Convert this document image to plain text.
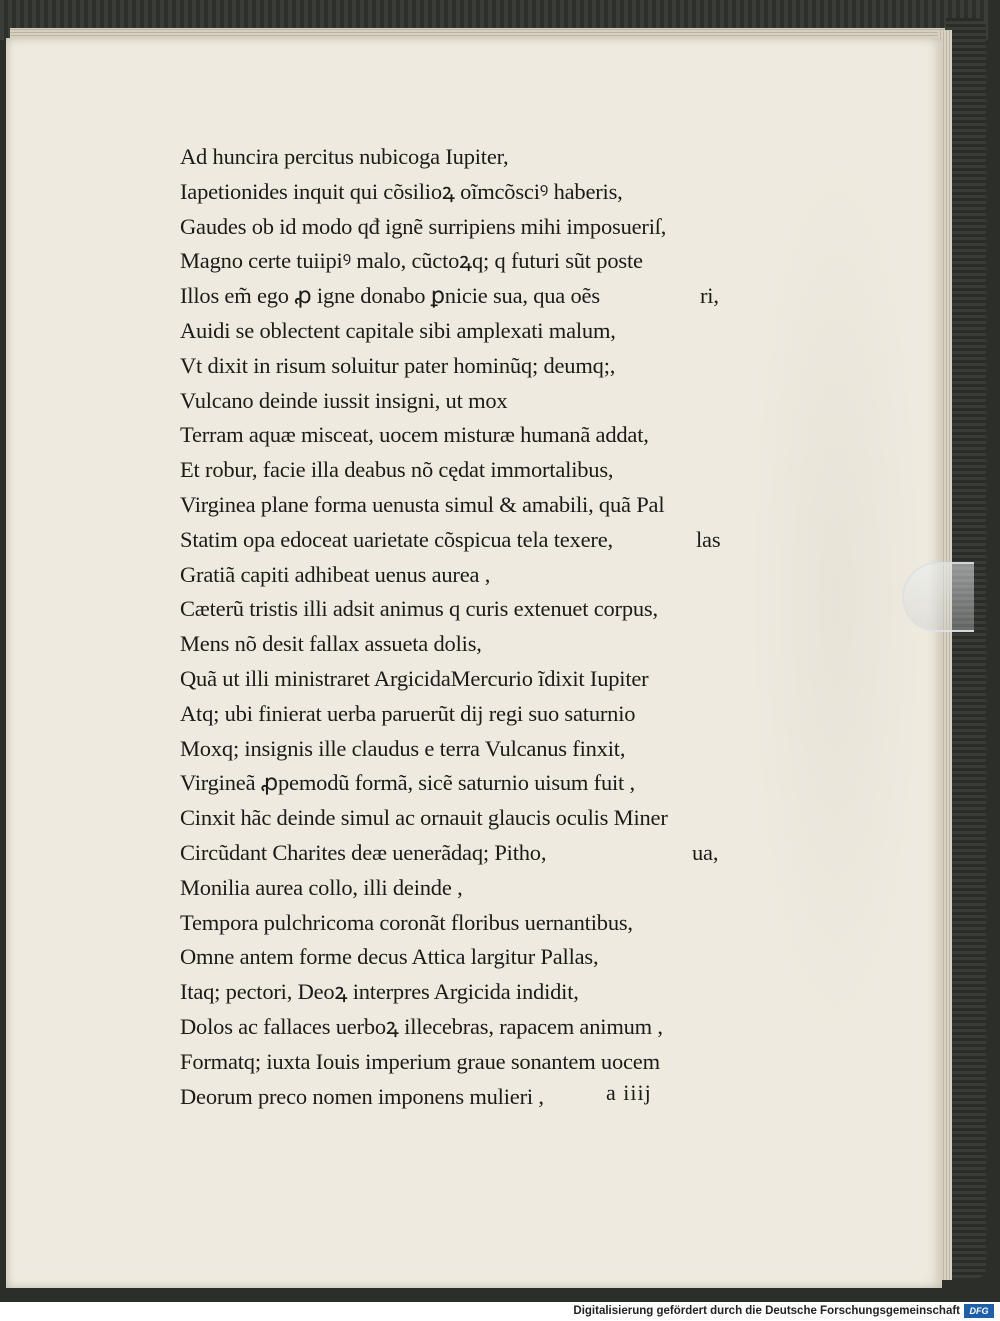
Ad huncira percitus nubicoga Iupiter,
Iapetionides inquit qui cõsilioꝝ oĩmcõsciꝰ haberis,
Gaudes ob id modo qđ ignẽ surripiens mihi imposueriſ,
Magno certe tuiipiꝰ malo, cũctoꝝq; q futuri sũt poste
Illos em̃ ego ꝓ igne donabo ꝑnicie sua, qua oẽs	ri,
Auidi se oblectent capitale sibi amplexati malum,
Vt dixit in risum soluitur pater hominũq; deumq;,
Vulcano deinde iussit insigni, ut mox
Terram aquæ misceat, uocem misturæ humanã addat,
Et robur, facie illa deabus nõ cędat immortalibus,
Virginea plane forma uenusta simul & amabili, quã Pal
Statim opa edoceat uarietate cõspicua tela texere,	las
Gratiã capiti adhibeat uenus aurea ,
Cæterũ tristis illi adsit animus q curis extenuet corpus,
Mens nõ desit fallax assueta dolis,
Quã ut illi ministraret ArgicidaMercurio ĩdixit Iupiter
Atq; ubi finierat uerba paruerũt dij regi suo saturnio
Moxq; insignis ille claudus e terra Vulcanus finxit,
Virgineã ꝓpemodũ formã, sicẽ saturnio uisum fuit ,
Cinxit hãc deinde simul ac ornauit glaucis oculis Miner
Circũdant Charites deæ uenerãdaq; Pitho,	ua,
Monilia aurea collo, illi deinde ,
Tempora pulchricoma coronãt floribus uernantibus,
Omne antem forme decus Attica largitur Pallas,
Itaq; pectori, Deoꝝ interpres Argicida indidit,
Dolos ac fallaces uerboꝝ illecebras, rapacem animum ,
Formatq; iuxta Iouis imperium graue sonantem uocem
Deorum preco nomen imponens mulieri ,	a iiij
Digitalisierung gefördert durch die Deutsche Forschungsgemeinschaft	DFG
